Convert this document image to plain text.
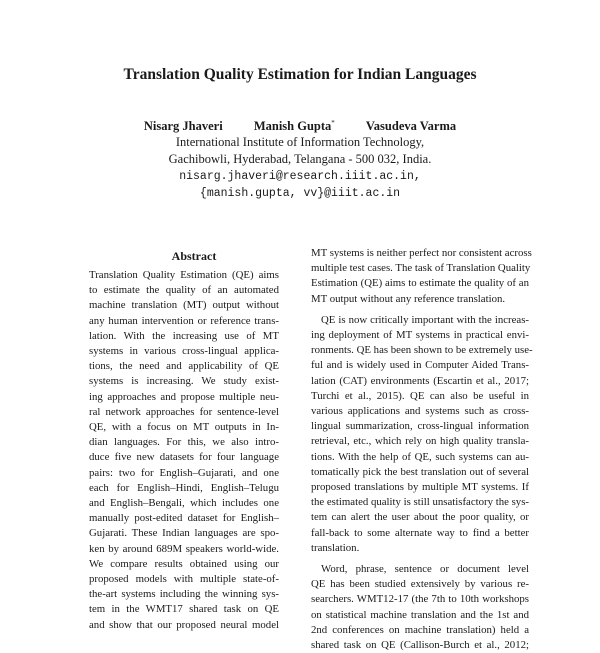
Translation Quality Estimation for Indian Languages
Nisarg Jhaveri Manish Gupta* Vasudeva Varma
International Institute of Information Technology,
Gachibowli, Hyderabad, Telangana - 500 032, India.
nisarg.jhaveri@research.iiit.ac.in,
{manish.gupta, vv}@iiit.ac.in
Abstract
Translation Quality Estimation (QE) aims
to estimate the quality of an automated
machine translation (MT) output without
any human intervention or reference trans-
lation. With the increasing use of MT
systems in various cross-lingual applica-
tions, the need and applicability of QE
systems is increasing. We study exist-
ing approaches and propose multiple neu-
ral network approaches for sentence-level
QE, with a focus on MT outputs in In-
dian languages. For this, we also intro-
duce five new datasets for four language
pairs: two for English–Gujarati, and one
each for English–Hindi, English–Telugu
and English–Bengali, which includes one
manually post-edited dataset for English–
Gujarati. These Indian languages are spo-
ken by around 689M speakers world-wide.
We compare results obtained using our
proposed models with multiple state-of-
the-art systems including the winning sys-
tem in the WMT17 shared task on QE
and show that our proposed neural model
MT systems is neither perfect nor consistent across
multiple test cases. The task of Translation Quality
Estimation (QE) aims to estimate the quality of an
MT output without any reference translation.
QE is now critically important with the increas-
ing deployment of MT systems in practical envi-
ronments. QE has been shown to be extremely use-
ful and is widely used in Computer Aided Trans-
lation (CAT) environments (Escartin et al., 2017;
Turchi et al., 2015). QE can also be useful in
various applications and systems such as cross-
lingual summarization, cross-lingual information
retrieval, etc., which rely on high quality transla-
tions. With the help of QE, such systems can au-
tomatically pick the best translation out of several
proposed translations by multiple MT systems. If
the estimated quality is still unsatisfactory the sys-
tem can alert the user about the poor quality, or
fall-back to some alternate way to find a better
translation.
Word, phrase, sentence or document level
QE has been studied extensively by various re-
searchers. WMT12-17 (the 7th to 10th workshops
on statistical machine translation and the 1st and
2nd conferences on machine translation) held a
shared task on QE (Callison-Burch et al., 2012;
